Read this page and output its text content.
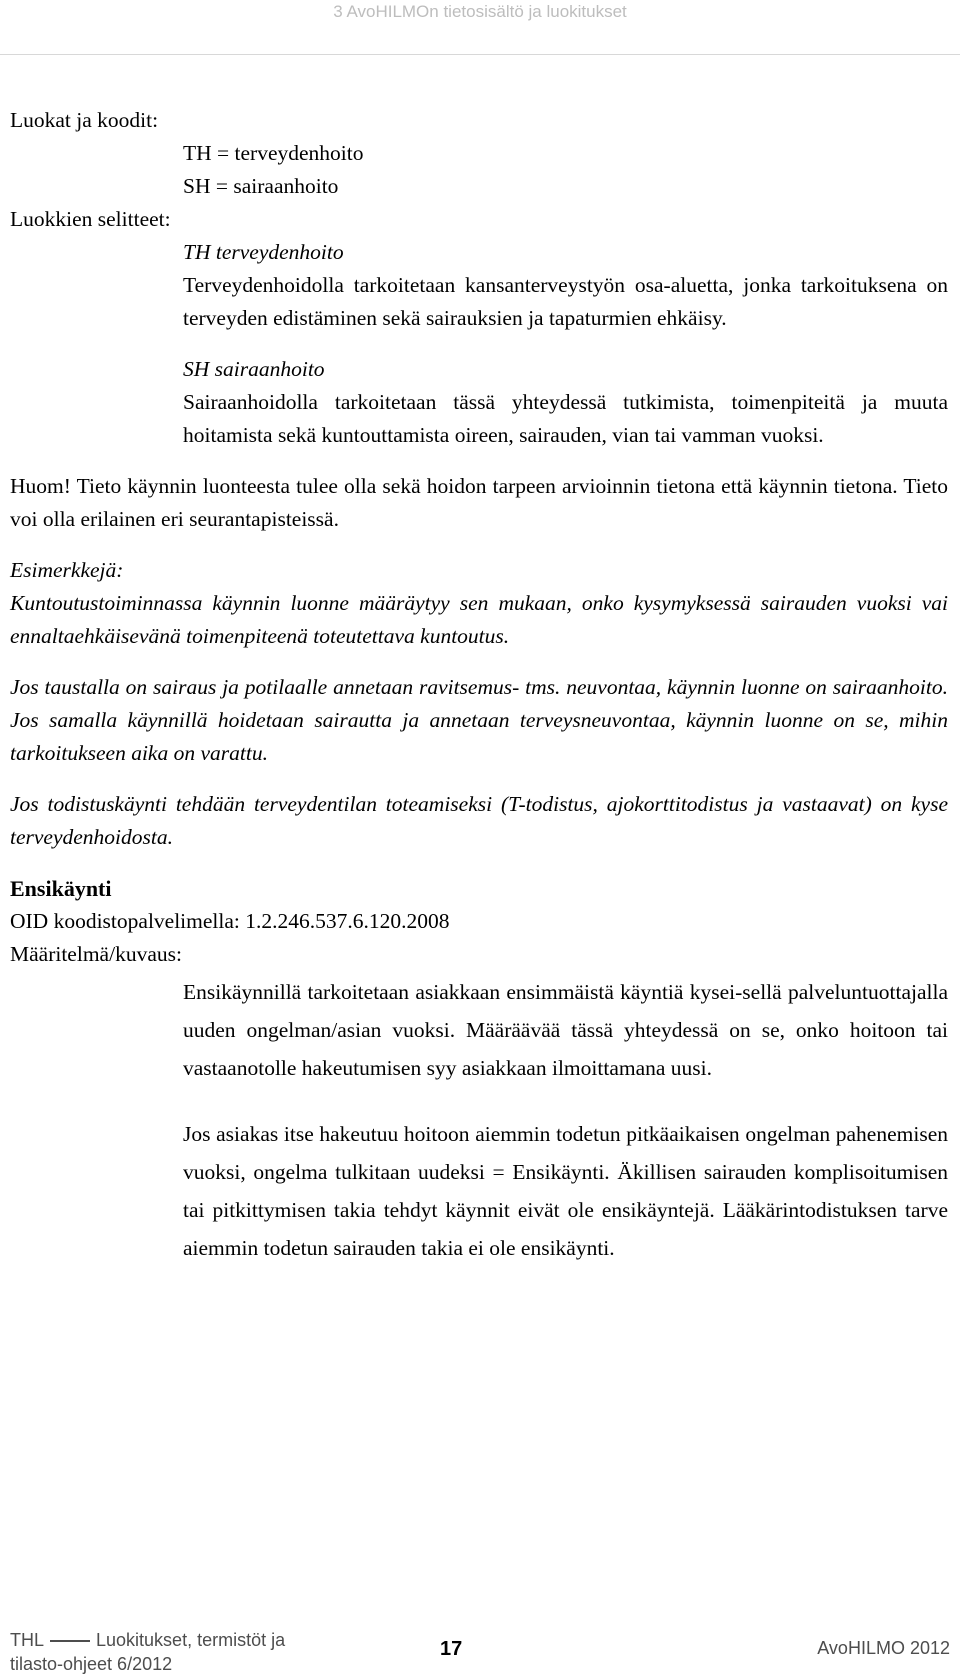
3 AvoHILMOn tietosisältö ja luokitukset

Luokat ja koodit:

TH = terveydenhoito

SH = sairaanhoito

Luokkien selitteet:

TH terveydenhoito

Terveydenhoidolla tarkoitetaan kansanterveystyön osa-aluetta, jonka tarkoituksena on terveyden edistäminen sekä sairauksien ja tapaturmien ehkäisy.

SH sairaanhoito

Sairaanhoidolla tarkoitetaan tässä yhteydessä tutkimista, toimenpiteitä ja muuta hoitamista sekä kuntouttamista oireen, sairauden, vian tai vamman vuoksi.

Huom! Tieto käynnin luonteesta tulee olla sekä hoidon tarpeen arvioinnin tietona että käynnin tietona. Tieto voi olla erilainen eri seurantapisteissä.

Esimerkkejä:

Kuntoutustoiminnassa käynnin luonne määräytyy sen mukaan, onko kysymyksessä sairauden vuoksi vai ennaltaehkäisevänä toimenpiteenä toteutettava kuntoutus.

Jos taustalla on sairaus ja potilaalle annetaan ravitsemus- tms. neuvontaa, käynnin luonne on sairaanhoito. Jos samalla käynnillä hoidetaan sairautta ja annetaan terveysneuvontaa, käynnin luonne on se, mihin tarkoitukseen aika on varattu.

Jos todistuskäynti tehdään terveydentilan toteamiseksi (T-todistus, ajokorttitodistus ja vastaavat) on kyse terveydenhoidosta.

Ensikäynti

OID koodistopalvelimella: 1.2.246.537.6.120.2008

Määritelmä/kuvaus:

Ensikäynnillä tarkoitetaan asiakkaan ensimmäistä käyntiä kysei-sellä palveluntuottajalla uuden ongelman/asian vuoksi. Määräävää tässä yhteydessä on se, onko hoitoon tai vastaanotolle hakeutumisen syy asiakkaan ilmoittamana uusi.

Jos asiakas itse hakeutuu hoitoon aiemmin todetun pitkäaikaisen ongelman pahenemisen vuoksi, ongelma tulkitaan uudeksi = Ensikäynti. Äkillisen sairauden komplisoitumisen tai pitkittymisen takia tehdyt käynnit eivät ole ensikäyntejä. Lääkärintodistuksen tarve aiemmin todetun sairauden takia ei ole ensikäynti.

THL	Luokitukset, termistöt ja
tilasto-ohjeet 6/2012
17	AvoHILMO 2012
